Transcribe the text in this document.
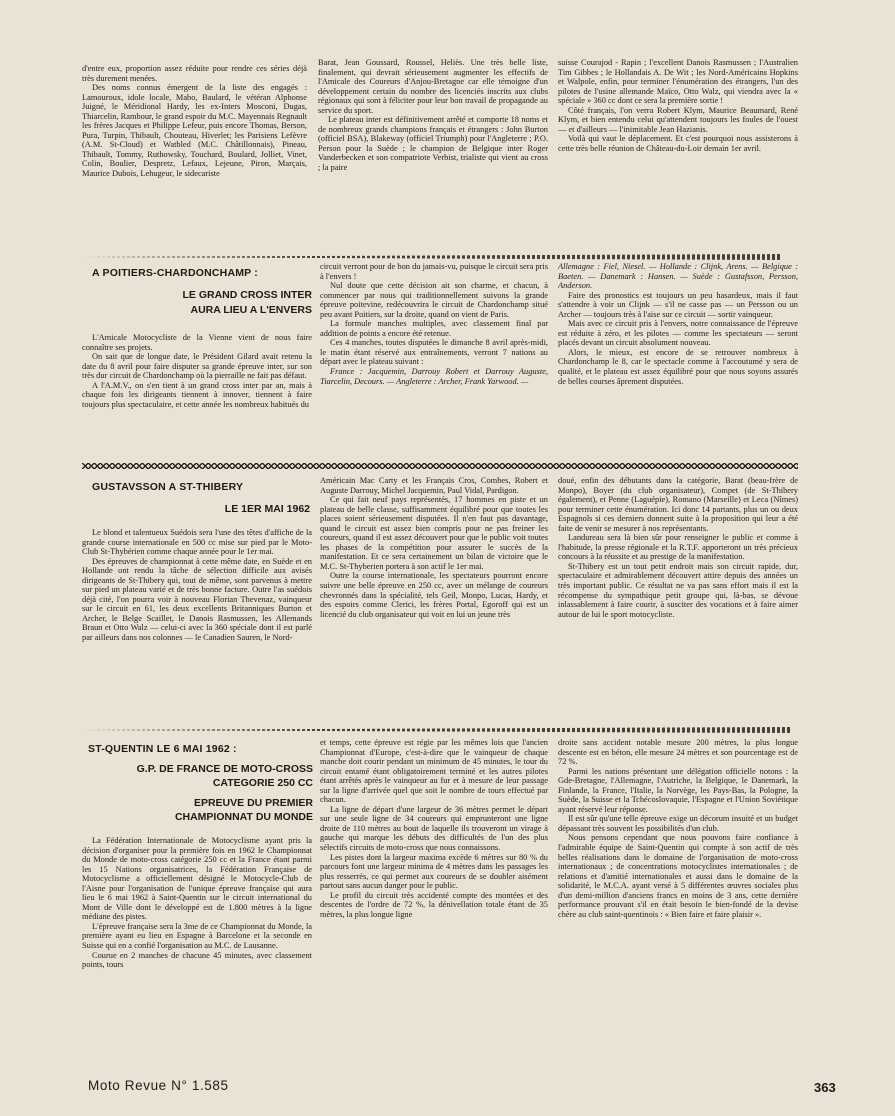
d'entre eux, proportion assez réduite pour rendre ces séries déjà très durement menées.

Des noms connus émergent de la liste des engagés : Lamouroux, idole locale, Mabo, Baulard, le vétéran Alphonse Juigné, le Méridional Hardy, les ex-Inters Mosconi, Dugas, Thiarcelin, Rambour, le grand espoir du M.C. Mayennais Regnault les frères Jacques et Philippe Lefeur, puis encore Thomas, Berson, Pura, Turpin, Thibault, Chouteau, Hiverlet; les Parisiens Lefèvre (A.M. St-Cloud) et Watbled (M.C. Châtillonnais), Pineau, Thibault, Tommy, Ruthowsky, Touchard, Boulard, Jolliet, Vinet, Colin, Boulier, Despretz, Lefaux, Lejeune, Piron, Marçais, Maurice Dubois, Lehugeur, le sidecariste

Barat, Jean Goussard, Roussel, Heliès. Une très belle liste, finalement, qui devrait sérieusement augmenter les effectifs de l'Amicale des Coureurs d'Anjou-Bretagne car elle témoigne d'un développement certain du nombre des licenciés inscrits aux clubs régionaux qui sont à féliciter pour leur bon travail de propagande au service du sport.

Le plateau inter est définitivement arrêté et comporte 18 noms et de nombreux grands champions français et étrangers : John Burton (officiel BSA), Blakeway (officiel Triumph) pour l'Angleterre ; P.O. Person pour la Suède ; le champion de Belgique inter Roger Vanderbecken et son compatriote Verbist, trialiste qui vient au cross ; la paire

suisse Courajod - Rapin ; l'excellent Danois Rasmussen ; l'Australien Tim Gibbes ; le Hollandais A. De Wit ; les Nord-Américains Hopkins et Walpole, enfin, pour terminer l'énumération des étrangers, l'un des pilotes de l'usine allemande Maïco, Otto Walz, qui viendra avec la « spéciale » 360 cc dont ce sera la première sortie !

Côté français, l'on verra Robert Klym, Maurice Beaumard, René Klym, et bien entendu celui qu'attendent toujours les foules de l'ouest — et d'ailleurs — l'inimitable Jean Hazianis.

Voilà qui vaut le déplacement. Et c'est pourquoi nous assisterons à cette très belle réunion de Château-du-Loir demain 1er avril.

A POITIERS-CHARDONCHAMP :
LE GRAND CROSS INTER
AURA LIEU A L'ENVERS

L'Amicale Motocycliste de la Vienne vient de nous faire connaître ses projets.

On sait que de longue date, le Président Gilard avait retenu la date du 8 avril pour faire disputer sa grande épreuve inter, sur son très dur circuit de Chardonchamp où la pierraille ne fait pas défaut.

A l'A.M.V., on s'en tient à un grand cross inter par an, mais à chaque fois les dirigeants tiennent à innover, tiennent à faire toujours plus spectaculaire, et cette année les nombreux habitués du

circuit verront pour de bon du jamais-vu, puisque le circuit sera pris à l'envers !

Nul doute que cette décision ait son charme, et chacun, à commencer par nous qui traditionnellement suivons la grande épreuve poitevine, redécouvrira le circuit de Chardonchamp situé peu avant Poitiers, sur la droite, quand on vient de Paris.

La formule manches multiples, avec classement final par addition de points a encore été retenue.

Ces 4 manches, toutes disputées le dimanche 8 avril après-midi, le matin étant réservé aux entraînements, verront 7 nations au départ avec le plateau suivant :

France : Jacquemin, Darrouy Robert et Darrouy Auguste, Tiarcelin, Decours. — Angleterre : Archer, Frank Yarwood. —

Allemagne : Fiel, Niesel. — Hollande : Clijnk, Arens. — Belgique : Baeten. — Danemark : Hansen. — Suède : Gustafsson, Persson, Anderson.

Faire des pronostics est toujours un peu hasardeux, mais il faut s'attendre à voir un Clijnk — s'il ne casse pas — un Persson ou un Archer — toujours très à l'aise sur ce circuit — sortir vainqueur.

Mais avec ce circuit pris à l'envers, notre connaissance de l'épreuve est réduite à zéro, et les pilotes — comme les spectateurs — seront placés devant un circuit absolument nouveau.

Alors, le mieux, est encore de se retrouver nombreux à Chardonchamp le 8, car le spectacle comme à l'accoutumé y sera de qualité, et le plateau est assez équilibré pour que nous soyons assurés de belles courses âprement disputées.

GUSTAVSSON A ST-THIBERY
LE 1ER MAI 1962

Le blond et talentueux Suédois sera l'une des têtes d'affiche de la grande course internationale en 500 cc mise sur pied par le Moto-Club St-Thybérien comme chaque année pour le 1er mai.

Des épreuves de championnat à cette même date, en Suède et en Hollande ont rendu la tâche de sélection difficile aux avisés dirigeants de St-Thibery qui, tout de même, sont parvenus à mettre sur pied un plateau varié et de très bonne facture. Outre l'as suédois déjà cité, l'on pourra voir à nouveau Florian Thevenaz, vainqueur sur le circuit en 61, les deux excellents Britanniques Burton et Archer, le Belge Scaillet, le Danois Rasmussen, les Allemands Braun et Otto Walz — celui-ci avec la 360 spéciale dont il est parlé par ailleurs dans nos colonnes — le Canadien Sauren, le Nord-

Américain Mac Carty et les Français Cros, Combes, Robert et Auguste Darrouy, Michel Jacquemin, Paul Vidal, Pardigon.

Ce qui fait neuf pays représentés, 17 hommes en piste et un plateau de belle classe, suffisamment équilibré pour que toutes les places soient sérieusement disputées. Il n'en faut pas davantage, quand le circuit est assez bien compris pour ne pas freiner les coureurs, quand il est assez découvert pour que le public voit toutes les phases de la compétition pour assurer le succès de la manifestation. Et ce sera certainement un bilan de victoire que le M.C. St-Thyberien portera à son actif le 1er mai.

Outre la course internationale, les spectateurs pourront encore suivre une belle épreuve en 250 cc, avec un mélange de coureurs chevronnés dans la spécialité, tels Geil, Monpo, Lucas, Hardy, et des espoirs comme Clerici, les frères Portal, Egoroff qui est un licencié du club organisateur qui voit en lui un jeune très

doué, enfin des débutants dans la catégorie, Barat (beau-frère de Monpo), Boyer (du club organisateur), Compet (de St-Thibery également), et Penne (Laguépie), Romano (Marseille) et Leca (Nîmes) pour terminer cette énumération. Ici donc 14 partants, plus un ou deux Espagnols si ces derniers donnent suite à la proposition qui leur a été faite de venir se mesurer à nos représentants.

Landureau sera là bien sûr pour renseigner le public et comme à l'habitude, la presse régionale et la R.T.F. apporteront un très précieux concours à la réussite et au prestige de la manifestation.

St-Thibery est un tout petit endroit mais son circuit rapide, dur, spectaculaire et admirablement découvert attire depuis des années un très important public. Ce résultat ne va pas sans effort mais il est la récompense du sympathique petit groupe qui, là-bas, se dévoue inlassablement à faire courir, à susciter des vocations et à faire aimer autour de lui le sport motocycliste.

ST-QUENTIN LE 6 MAI 1962 :
G.P. DE FRANCE DE MOTO-CROSS
CATEGORIE 250 CC
EPREUVE DU PREMIER
CHAMPIONNAT DU MONDE

La Fédération Internationale de Motocyclisme ayant pris la décision d'organiser pour la première fois en 1962 le Championnat du Monde de moto-cross catégorie 250 cc et la France étant parmi les 15 Nations organisatrices, la Fédération Française de Motocyclisme a officiellement désigné le Motocycle-Club de l'Aisne pour l'organisation de l'unique épreuve française qui aura lieu le 6 mai 1962 à Saint-Quentin sur le circuit international du Mont de Ville dont le développé est de 1.800 mètres à la ligne médiane des pistes.

L'épreuve française sera la 3me de ce Championnat du Monde, la première ayant eu lieu en Espagne à Barcelone et la seconde en Suisse qui en a confié l'organisation au M.C. de Lausanne.

Courue en 2 manches de chacune 45 minutes, avec classement points, tours

et temps, cette épreuve est régie par les mêmes lois que l'ancien Championnat d'Europe, c'est-à-dire que le vainqueur de chaque manche doit courir pendant un minimum de 45 minutes, le tour du circuit entamé étant obligatoirement terminé et les autres pilotes étant arrêtés après le vainqueur au fur et à mesure de leur passage sur la ligne d'arrivée quel que soit le nombre de tours effectué par chacun.

La ligne de départ d'une largeur de 36 mètres permet le départ sur une seule ligne de 34 coureurs qui emprunteront une ligne droite de 110 mètres au bout de laquelle ils trouveront un virage à gauche qui marque les débuts des difficultés de l'un des plus sélectifs circuits de moto-cross que nous connaissons.

Les pistes dont la largeur maxima excède 6 mètres sur 80 % du parcours font une largeur minima de 4 mètres dans les passages les plus resserrés, ce qui permet aux coureurs de se doubler aisément partout sans aucun danger pour le public.

Le profil du circuit très accidenté compte des montées et des descentes de l'ordre de 72 %, la dénivellation totale étant de 35 mètres, la plus longue ligne

droite sans accident notable mesure 200 mètres, la plus longue descente est en béton, elle mesure 24 mètres et son pourcentage est de 72 %.

Parmi les nations présentant une délégation officielle notons : la Gde-Bretagne, l'Allemagne, l'Autriche, la Belgique, le Danemark, la Finlande, la France, l'Italie, la Norvège, les Pays-Bas, la Pologne, la Suède, la Suisse et la Tchécoslovaquie, l'Espagne et l'Union Soviétique ayant réservé leur réponse.

Il est sûr qu'une telle épreuve exige un décorum insuité et un budget dépassant très souvent les possibilités d'un club.

Nous pensons cependant que nous pouvons faire confiance à l'admirable équipe de Saint-Quentin qui compte à son actif de très belles réalisations dans le domaine de l'organisation de moto-cross internationaux ; de concentrations motocyclistes internationales ; de relations et d'amitié internationales et aussi dans le domaine de la solidarité, le M.C.A. ayant versé à 5 différentes œuvres sociales plus d'un demi-million d'anciens francs en moins de 3 ans, cette dernière performance prouvant s'il en était besoin le bien-fondé de la devise chère au club saint-quentinois : « Bien faire et faire plaisir ».

Moto Revue N° 1.585	363
